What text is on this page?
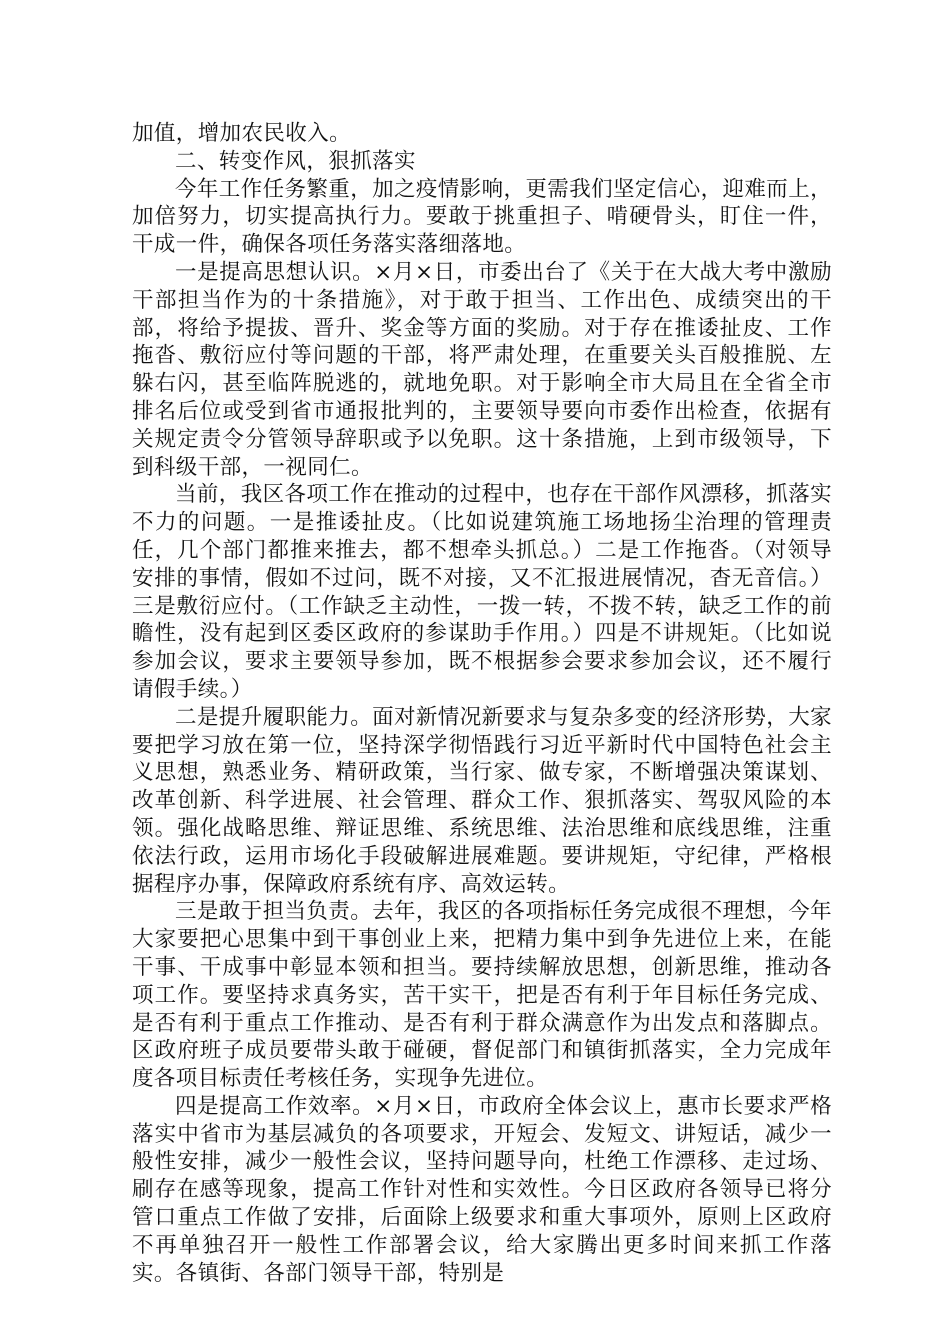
加值，增加农民收入。

二、转变作风，狠抓落实

今年工作任务繁重，加之疫情影响，更需我们坚定信心，迎难而上，加倍努力，切实提高执行力。要敢于挑重担子、啃硬骨头，盯住一件，干成一件，确保各项任务落实落细落地。

一是提高思想认识。×月×日，市委出台了《关于在大战大考中激励干部担当作为的十条措施》，对于敢于担当、工作出色、成绩突出的干部，将给予提拔、晋升、奖金等方面的奖励。对于存在推诿扯皮、工作拖沓、敷衍应付等问题的干部，将严肃处理，在重要关头百般推脱、左躲右闪，甚至临阵脱逃的，就地免职。对于影响全市大局且在全省全市排名后位或受到省市通报批判的，主要领导要向市委作出检查，依据有关规定责令分管领导辞职或予以免职。这十条措施，上到市级领导，下到科级干部，一视同仁。

当前，我区各项工作在推动的过程中，也存在干部作风漂移，抓落实不力的问题。一是推诿扯皮。（比如说建筑施工场地扬尘治理的管理责任，几个部门都推来推去，都不想牵头抓总。）二是工作拖沓。（对领导安排的事情，假如不过问，既不对接，又不汇报进展情况，杳无音信。）三是敷衍应付。（工作缺乏主动性，一拨一转，不拨不转，缺乏工作的前瞻性，没有起到区委区政府的参谋助手作用。）四是不讲规矩。（比如说参加会议，要求主要领导参加，既不根据参会要求参加会议，还不履行请假手续。）

二是提升履职能力。面对新情况新要求与复杂多变的经济形势，大家要把学习放在第一位，坚持深学彻悟践行习近平新时代中国特色社会主义思想，熟悉业务、精研政策，当行家、做专家，不断增强决策谋划、改革创新、科学进展、社会管理、群众工作、狠抓落实、驾驭风险的本领。强化战略思维、辩证思维、系统思维、法治思维和底线思维，注重依法行政，运用市场化手段破解进展难题。要讲规矩，守纪律，严格根据程序办事，保障政府系统有序、高效运转。

三是敢于担当负责。去年，我区的各项指标任务完成很不理想，今年大家要把心思集中到干事创业上来，把精力集中到争先进位上来，在能干事、干成事中彰显本领和担当。要持续解放思想，创新思维，推动各项工作。要坚持求真务实，苦干实干，把是否有利于年目标任务完成、是否有利于重点工作推动、是否有利于群众满意作为出发点和落脚点。区政府班子成员要带头敢于碰硬，督促部门和镇街抓落实，全力完成年度各项目标责任考核任务，实现争先进位。

四是提高工作效率。×月×日，市政府全体会议上，惠市长要求严格落实中省市为基层减负的各项要求，开短会、发短文、讲短话，减少一般性安排，减少一般性会议，坚持问题导向，杜绝工作漂移、走过场、刷存在感等现象，提高工作针对性和实效性。今日区政府各领导已将分管口重点工作做了安排，后面除上级要求和重大事项外，原则上区政府不再单独召开一般性工作部署会议，给大家腾出更多时间来抓工作落实。各镇街、各部门领导干部，特别是
